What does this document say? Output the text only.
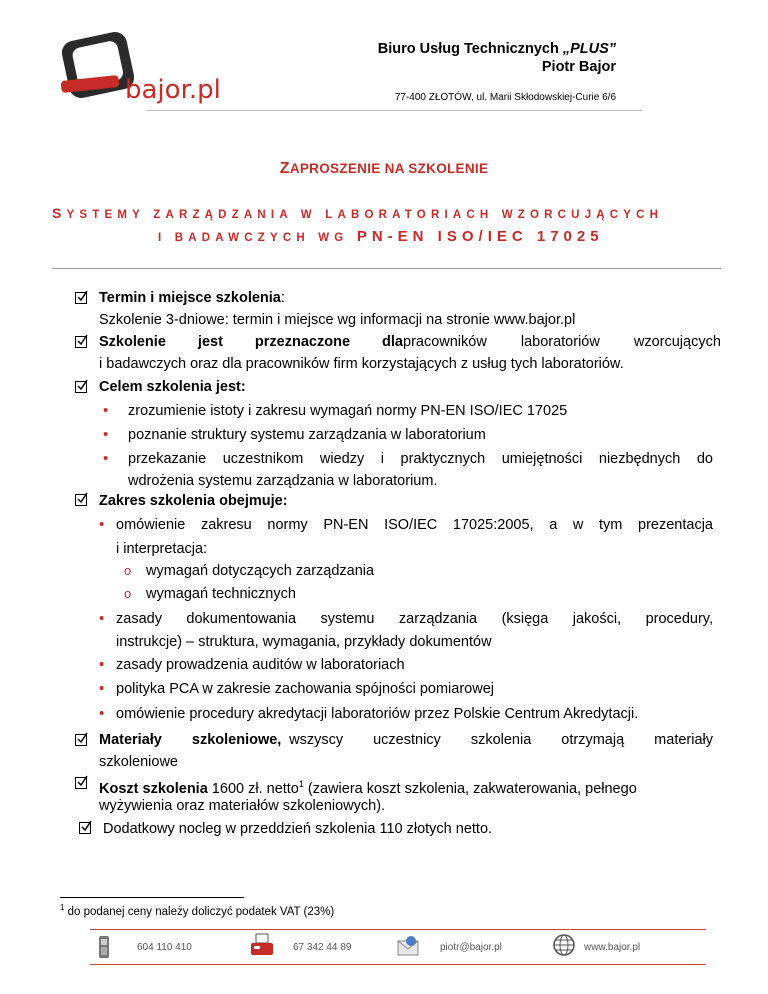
bajor.pl
Biuro Usług Technicznych „PLUS”
Piotr Bajor
77-400 ZŁOTÓW, ul. Marii Skłodowskiej-Curie 6/6
ZAPROSZENIE NA SZKOLENIE
SYSTEMY ZARZĄDZANIA W LABORATORIACH WZORCUJĄCYCH
I BADAWCZYCH WG PN-EN ISO/IEC 17025
Termin i miejsce szkolenia:
Szkolenie 3-dniowe: termin i miejsce wg informacji na stronie www.bajor.pl
Szkolenie jest przeznaczone dla pracowników laboratoriów wzorcujących
i badawczych oraz dla pracowników firm korzystających z usług tych laboratoriów.
Celem szkolenia jest:
• zrozumienie istoty i zakresu wymagań normy PN-EN ISO/IEC 17025
• poznanie struktury systemu zarządzania w laboratorium
• przekazanie uczestnikom wiedzy i praktycznych umiejętności niezbędnych do
wdrożenia systemu zarządzania w laboratorium.
Zakres szkolenia obejmuje:
• omówienie zakresu normy PN-EN ISO/IEC 17025:2005, a w tym prezentacja
i interpretacja:
o wymagań dotyczących zarządzania
o wymagań technicznych
• zasady dokumentowania systemu zarządzania (księga jakości, procedury,
instrukcje) – struktura, wymagania, przykłady dokumentów
• zasady prowadzenia auditów w laboratoriach
• polityka PCA w zakresie zachowania spójności pomiarowej
• omówienie procedury akredytacji laboratoriów przez Polskie Centrum Akredytacji.
Materiały szkoleniowe, wszyscy uczestnicy szkolenia otrzymają materiały
szkoleniowe
Koszt szkolenia 1600 zł. netto$^1$ (zawiera koszt szkolenia, zakwaterowania, pełnego
wyżywienia oraz materiałów szkoleniowych).
Dodatkowy nocleg w przeddzień szkolenia 110 złotych netto.
$^1$ do podanej ceny należy doliczyć podatek VAT (23%)
604 110 410	67 342 44 89	piotr@bajor.pl	www.bajor.pl
